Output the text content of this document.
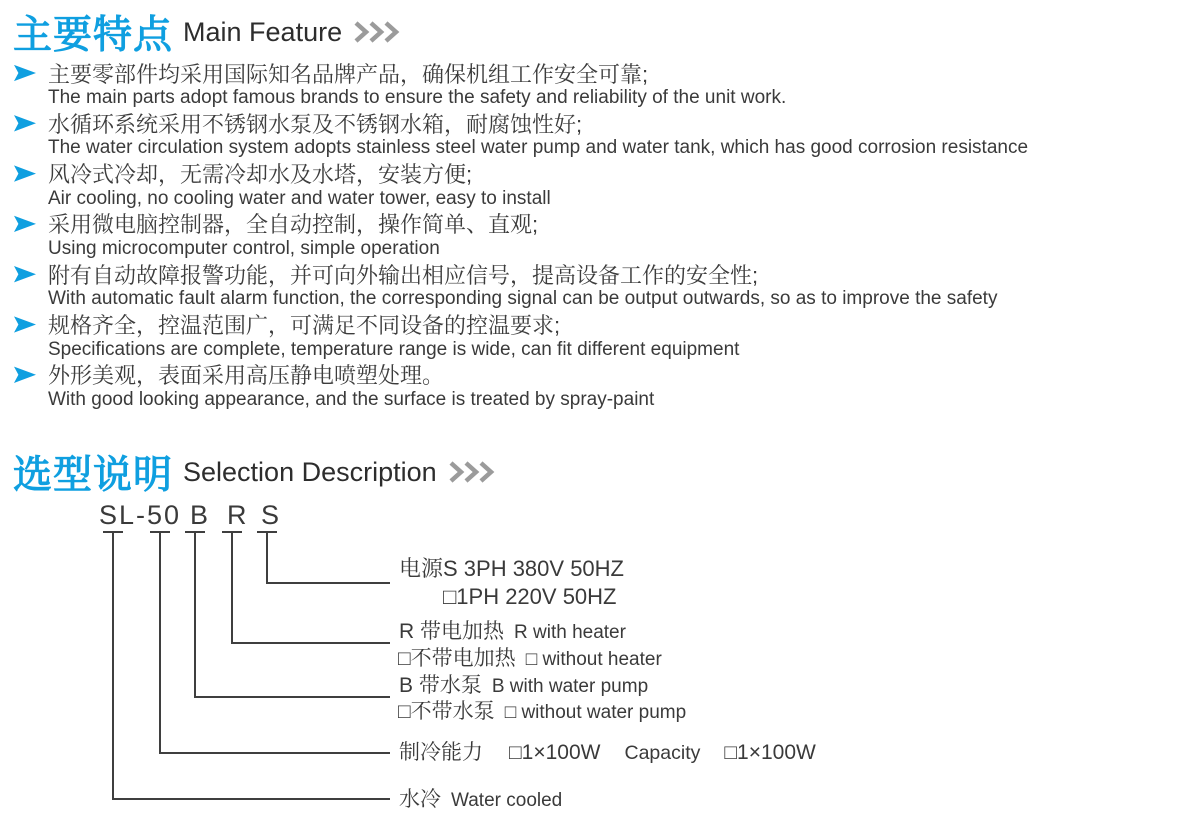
主要特点 Main Feature
主要零部件均采用国际知名品牌产品，确保机组工作安全可靠;
The main parts adopt famous brands to ensure the safety and reliability of the unit work.
水循环系统采用不锈钢水泵及不锈钢水箱，耐腐蚀性好;
The water circulation system adopts stainless steel water pump and water tank, which has good corrosion resistance
风冷式冷却，无需冷却水及水塔，安装方便;
Air cooling, no cooling water and water tower, easy to install
采用微电脑控制器，全自动控制，操作简单、直观;
Using microcomputer control, simple operation
附有自动故障报警功能，并可向外输出相应信号，提高设备工作的安全性;
With automatic fault alarm function, the corresponding signal can be output outwards, so as to improve the safety
规格齐全，控温范围广，可满足不同设备的控温要求;
Specifications are complete, temperature range is wide, can fit different equipment
外形美观，表面采用高压静电喷塑处理。
With good looking appearance, and the surface is treated by spray-paint
选型说明 Selection Description
SL-50 B R S
电源S 3PH 380V 50HZ
□1PH 220V 50HZ
R 带电加热 R with heater
□不带电加热 □ without heater
B 带水泵 B with water pump
□不带水泵 □ without water pump
制冷能力 □1×100W Capacity □1×100W
水冷 Water cooled
